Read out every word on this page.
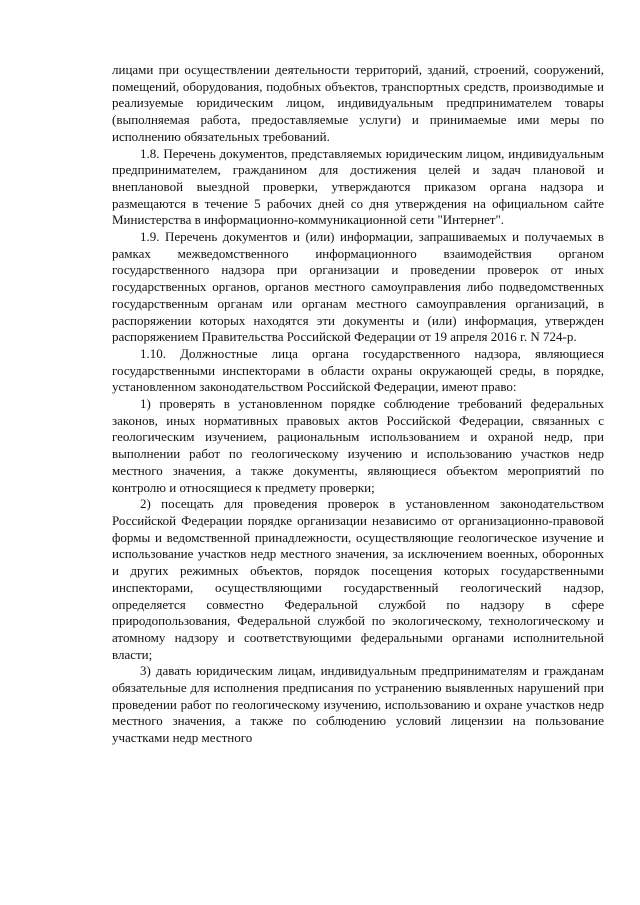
лицами при осуществлении деятельности территорий, зданий, строений, сооружений, помещений, оборудования, подобных объектов, транспортных средств, производимые и реализуемые юридическим лицом, индивидуальным предпринимателем товары (выполняемая работа, предоставляемые услуги) и принимаемые ими меры по исполнению обязательных требований.

1.8. Перечень документов, представляемых юридическим лицом, индивидуальным предпринимателем, гражданином для достижения целей и задач плановой и внеплановой выездной проверки, утверждаются приказом органа надзора и размещаются в течение 5 рабочих дней со дня утверждения на официальном сайте Министерства в информационно-коммуникационной сети "Интернет".

1.9. Перечень документов и (или) информации, запрашиваемых и получаемых в рамках межведомственного информационного взаимодействия органом государственного надзора при организации и проведении проверок от иных государственных органов, органов местного самоуправления либо подведомственных государственным органам или органам местного самоуправления организаций, в распоряжении которых находятся эти документы и (или) информация, утвержден распоряжением Правительства Российской Федерации от 19 апреля 2016 г. N 724-р.

1.10. Должностные лица органа государственного надзора, являющиеся государственными инспекторами в области охраны окружающей среды, в порядке, установленном законодательством Российской Федерации, имеют право:

1) проверять в установленном порядке соблюдение требований федеральных законов, иных нормативных правовых актов Российской Федерации, связанных с геологическим изучением, рациональным использованием и охраной недр, при выполнении работ по геологическому изучению и использованию участков недр местного значения, а также документы, являющиеся объектом мероприятий по контролю и относящиеся к предмету проверки;

2) посещать для проведения проверок в установленном законодательством Российской Федерации порядке организации независимо от организационно-правовой формы и ведомственной принадлежности, осуществляющие геологическое изучение и использование участков недр местного значения, за исключением военных, оборонных и других режимных объектов, порядок посещения которых государственными инспекторами, осуществляющими государственный геологический надзор, определяется совместно Федеральной службой по надзору в сфере природопользования, Федеральной службой по экологическому, технологическому и атомному надзору и соответствующими федеральными органами исполнительной власти;

3) давать юридическим лицам, индивидуальным предпринимателям и гражданам обязательные для исполнения предписания по устранению выявленных нарушений при проведении работ по геологическому изучению, использованию и охране участков недр местного значения, а также по соблюдению условий лицензии на пользование участками недр местного
